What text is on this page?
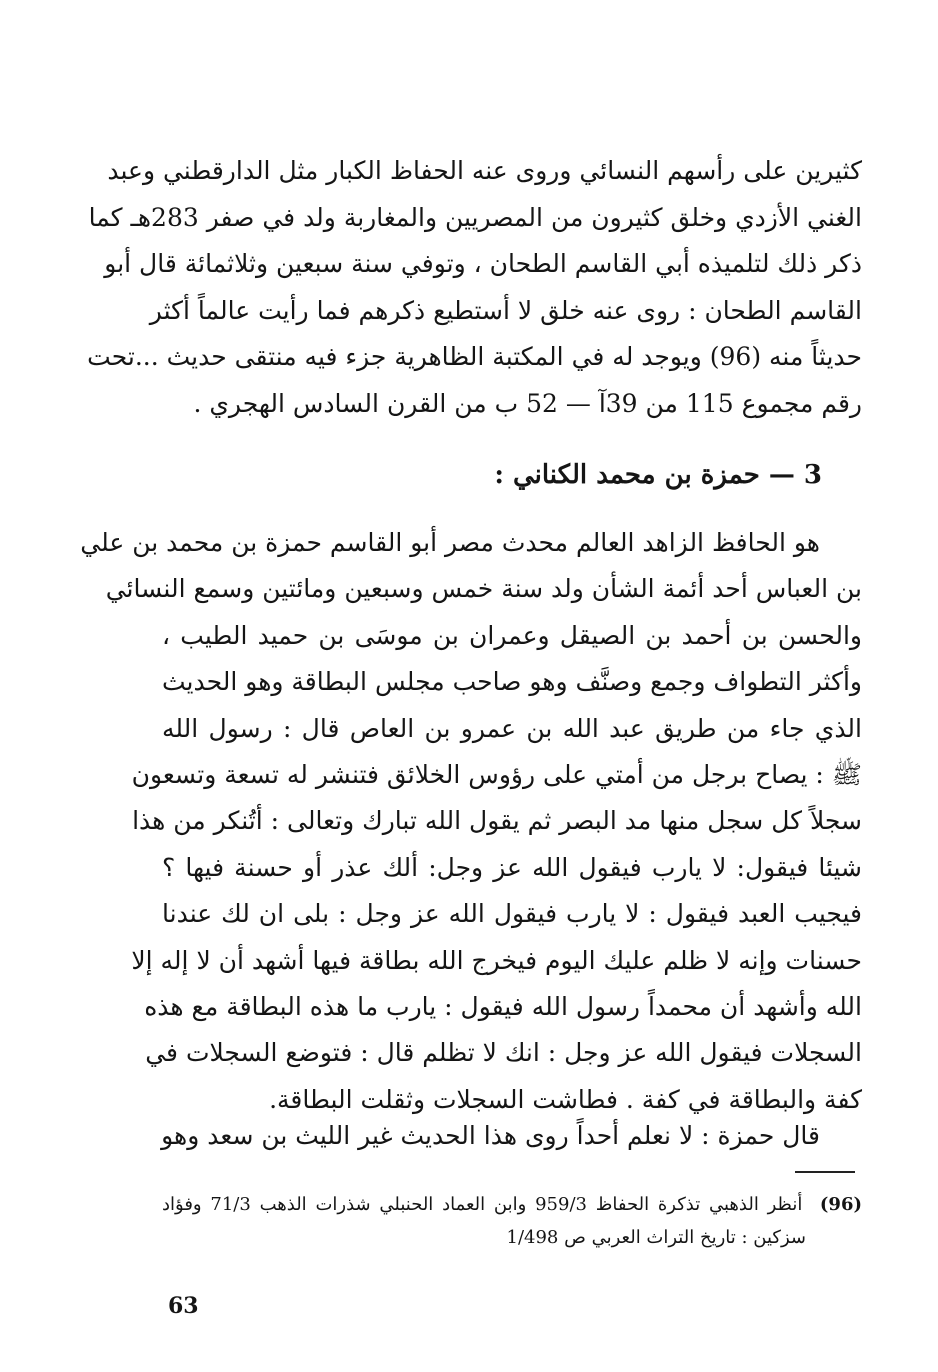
كثيرين على رأسهم النسائي وروى عنه الحفاظ الكبار مثل الدارقطني وعبد
الغني الأزدي وخلق كثيرون من المصريين والمغاربة ولد في صفر 283هـ كما
ذكر ذلك لتلميذه أبي القاسم الطحان ، وتوفي سنة سبعين وثلاثمائة قال أبو
القاسم الطحان : روى عنه خلق لا أستطيع ذكرهم فما رأيت عالماً أكثر
حديثاً منه (96) ويوجد له في المكتبة الظاهرية جزء فيه منتقى حديث ...تحت
رقم مجموع 115 من 39آ — 52 ب من القرن السادس الهجري .
3 — حمزة بن محمد الكناني :
هو الحافظ الزاهد العالم محدث مصر أبو القاسم حمزة بن محمد بن علي
بن العباس أحد أئمة الشأن ولد سنة خمس وسبعين ومائتين وسمع النسائي
والحسن بن أحمد بن الصيقل وعمران بن موسَى بن حميد الطيب ،
وأكثر التطواف وجمع وصنَّف وهو صاحب مجلس البطاقة وهو الحديث
الذي جاء من طريق عبد الله بن عمرو بن العاص قال : رسول الله
ﷺ : يصاح برجل من أمتي على رؤوس الخلائق فتنشر له تسعة وتسعون
سجلاً كل سجل منها مد البصر ثم يقول الله تبارك وتعالى : أتُنكر من هذا
شيئا فيقول: لا يارب فيقول الله عز وجل: ألك عذر أو حسنة فيها ؟
فيجيب العبد فيقول : لا يارب فيقول الله عز وجل : بلى ان لك عندنا
حسنات وإنه لا ظلم عليك اليوم فيخرج الله بطاقة فيها أشهد أن لا إله إلا
الله وأشهد أن محمداً رسول الله فيقول : يارب ما هذه البطاقة مع هذه
السجلات فيقول الله عز وجل : انك لا تظلم قال : فتوضع السجلات في
كفة والبطاقة في كفة . فطاشت السجلات وثقلت البطاقة.
قال حمزة : لا نعلم أحداً روى هذا الحديث غير الليث بن سعد وهو
(96)  أنظر الذهبي تذكرة الحفاظ 959/3 وابن العماد الحنبلي شذرات الذهب 71/3 وفؤاد
سزكين : تاريخ التراث العربي ص 1/498
63
